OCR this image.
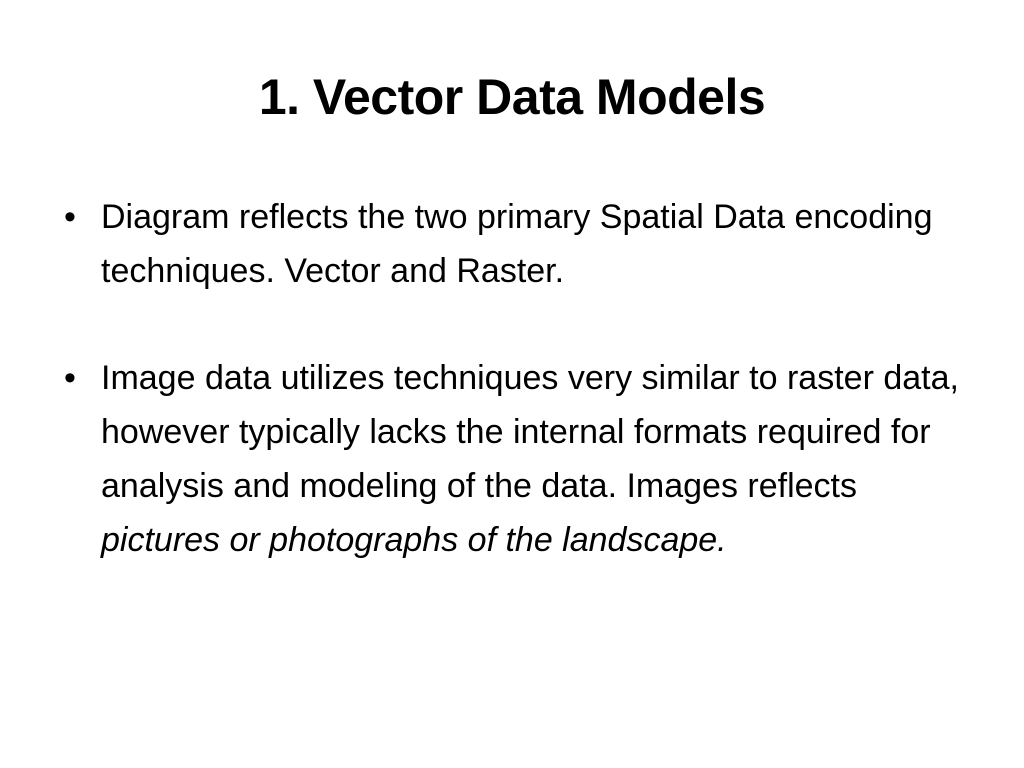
1. Vector Data Models
• Diagram reflects the two primary Spatial Data encoding techniques. Vector and Raster.
• Image data utilizes techniques very similar to raster data, however typically lacks the internal formats required for analysis and modeling of the data. Images reflects pictures or photographs of the landscape.
